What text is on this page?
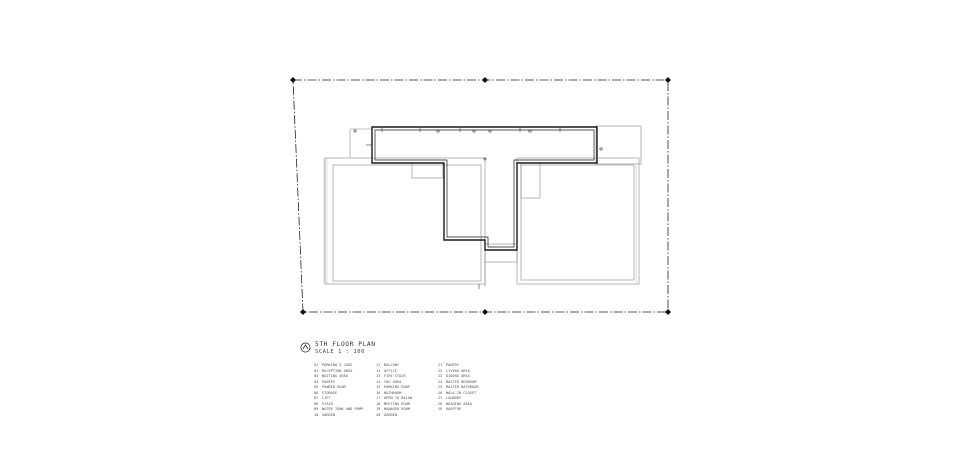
5TH FLOOR PLAN
SCALE 1 : 100
01 PARKING 5 CARS
02 RECEPTION AREA
03 WAITING AREA
04 PANTRY
05 POWDER ROOM
06 STORAGE
07 LIFT
08 STAIR
09 WATER TANK AND PUMP
10 GARDEN
11 BALCONY
12 OFFICE
13 FIRE STAIR
14 CDU AREA
15 PARKING ROOF
16 BATHROOM
17 OPEN TO BELOW
18 MEETING ROOM
19 MANAGER ROOM
20 GARDEN
21 PANTRY
22 LIVING AREA
23 DINING AREA
24 MASTER BEDROOM
25 MASTER BATHROOM
26 WALK-IN CLOSET
27 LAUNDRY
28 WASHING AREA
29 ROOFTOP
